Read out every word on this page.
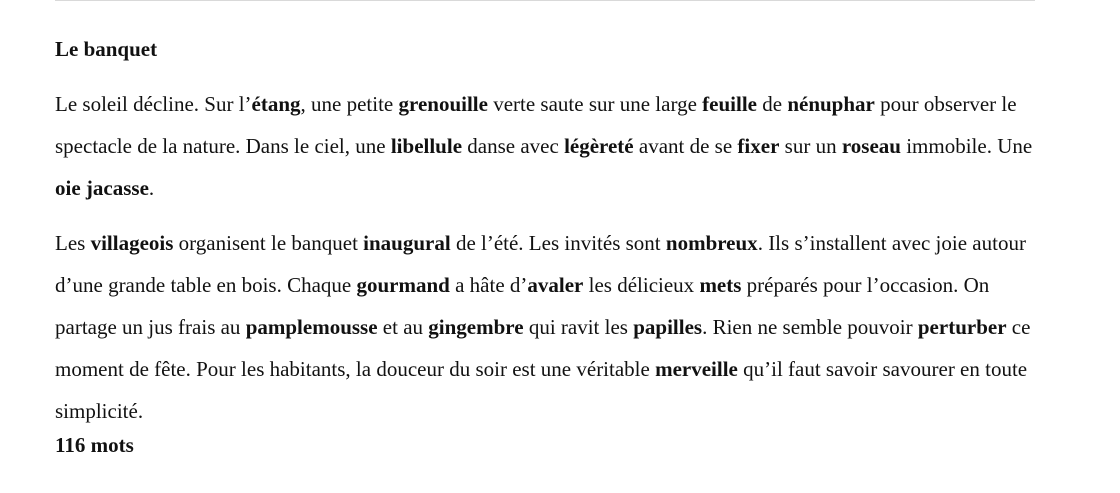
Le banquet

Le soleil décline. Sur l’étang, une petite grenouille verte saute sur une large feuille de nénuphar pour observer le spectacle de la nature. Dans le ciel, une libellule danse avec légèreté avant de se fixer sur un roseau immobile. Une oie jacasse.

Les villageois organisent le banquet inaugural de l’été. Les invités sont nombreux. Ils s’installent avec joie autour d’une grande table en bois. Chaque gourmand a hâte d’avaler les délicieux mets préparés pour l’occasion. On partage un jus frais au pamplemousse et au gingembre qui ravit les papilles. Rien ne semble pouvoir perturber ce moment de fête. Pour les habitants, la douceur du soir est une véritable merveille qu’il faut savoir savourer en toute simplicité.

116 mots
